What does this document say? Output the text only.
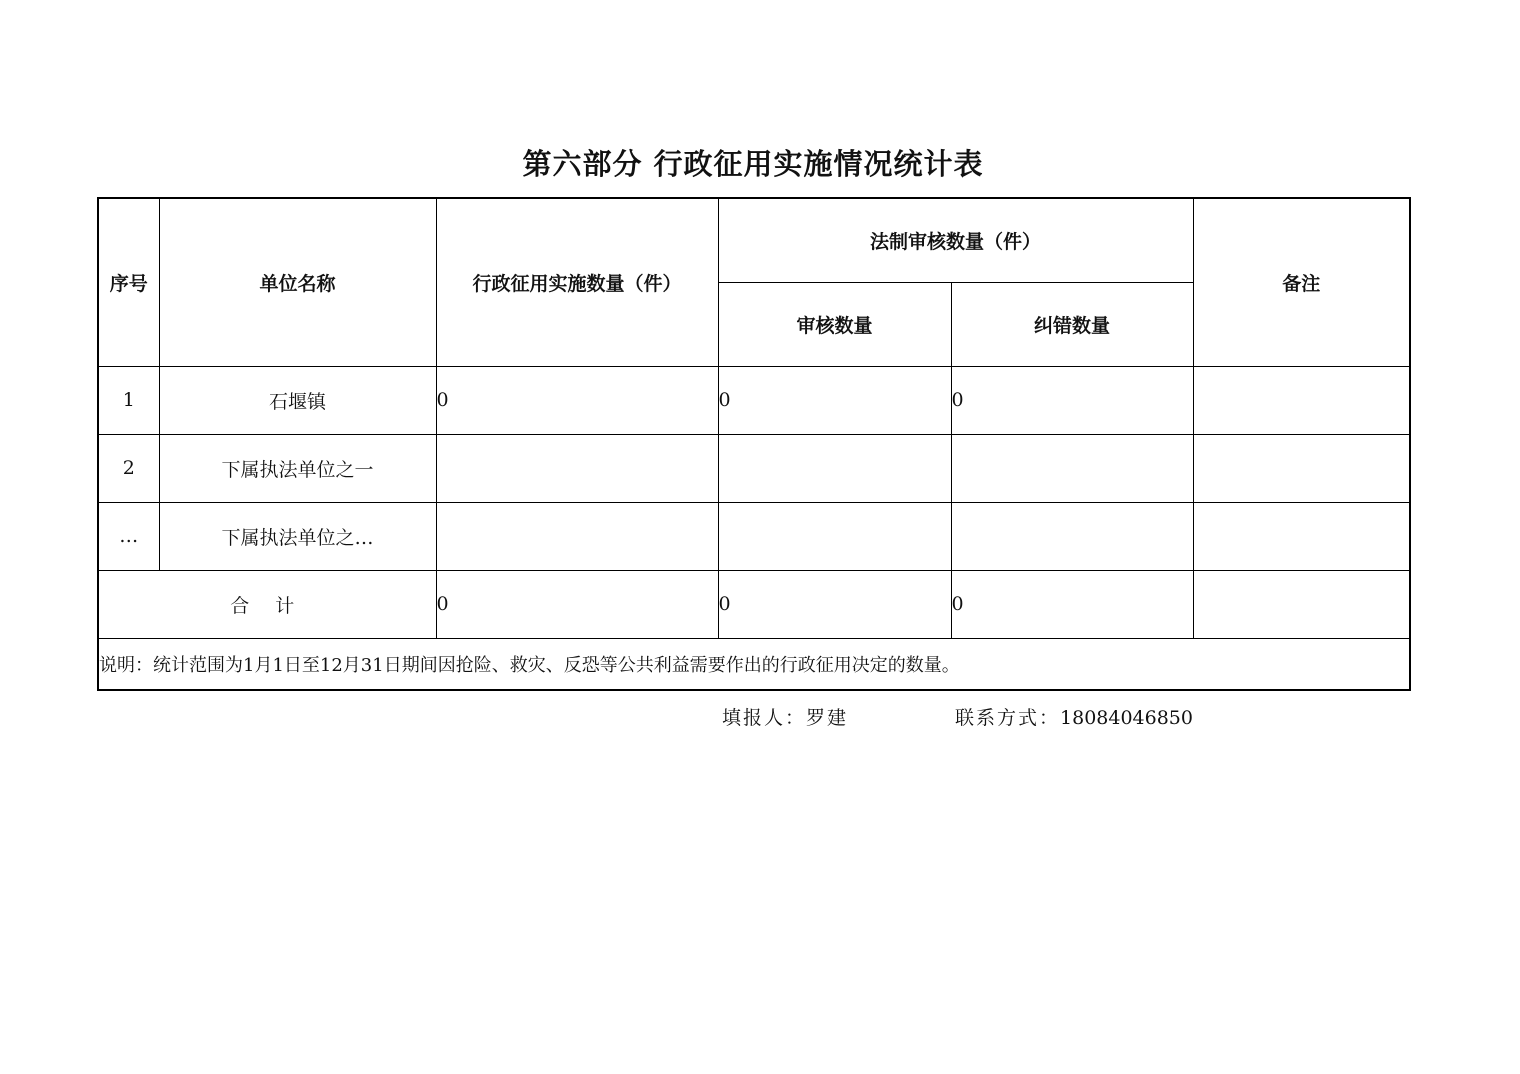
第六部分 行政征用实施情况统计表
序号	单位名称	行政征用实施数量（件）	法制审核数量（件）		备注
			审核数量	纠错数量	
1	石堰镇	0	0	0	
2	下属执法单位之一				
…	下属执法单位之…				
合 计		0	0	0	
说明：统计范围为1月1日至12月31日期间因抢险、救灾、反恐等公共利益需要作出的行政征用决定的数量。					
填报人：罗建	联系方式：18084046850
